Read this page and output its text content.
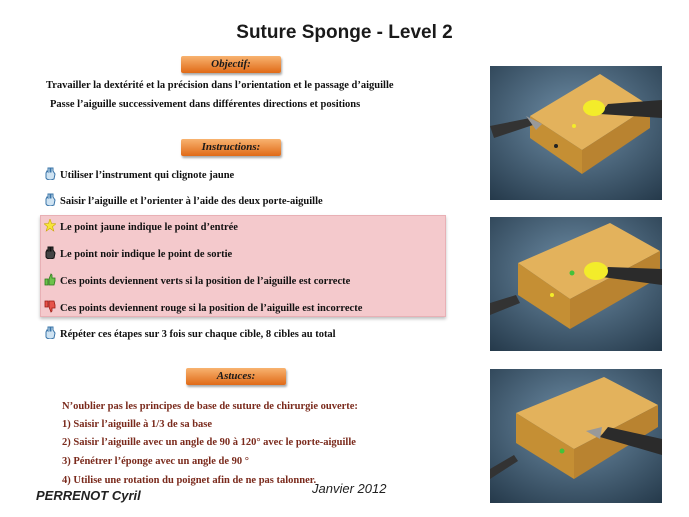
Suture Sponge - Level 2
Objectif:
Travailler la dextérité et la précision dans l’orientation et le passage d’aiguille
Passe l’aiguille successivement dans différentes directions et positions
Instructions:
Utiliser l’instrument qui clignote jaune
Saisir l’aiguille et l’orienter à l’aide des deux porte-aiguille
Le point jaune indique le point d’entrée
Le point noir indique le point de sortie
Ces points deviennent verts si la position de l’aiguille est correcte
Ces points deviennent rouge si la position de l’aiguille est incorrecte
Répéter ces étapes sur 3 fois sur chaque cible, 8 cibles au total
Astuces:
N’oublier pas les principes de base de suture de chirurgie ouverte:
1) Saisir l’aiguille à 1/3 de sa base
2) Saisir l’aiguille avec un angle de 90 à 120° avec le porte-aiguille
3) Pénétrer l’éponge avec un angle de 90 °
4) Utilise une rotation du poignet afin de ne pas talonner.
PERRENOT Cyril	Janvier 2012
